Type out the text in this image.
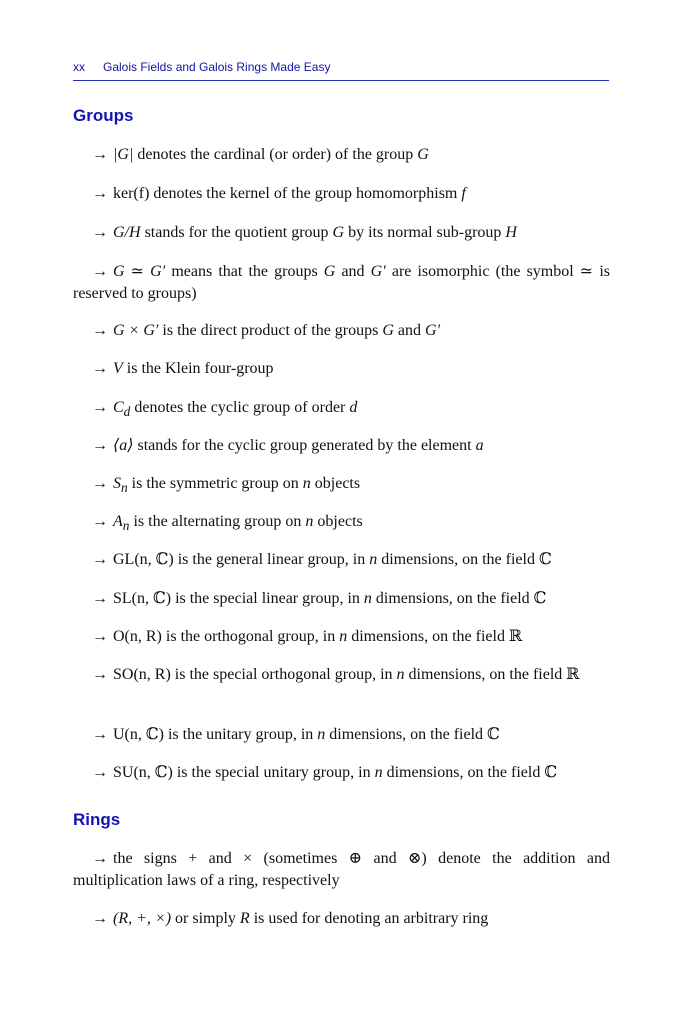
xx Galois Fields and Galois Rings Made Easy
Groups
→ |G| denotes the cardinal (or order) of the group G
→ ker(f) denotes the kernel of the group homomorphism f
→ G/H stands for the quotient group G by its normal sub-group H
→ G ≃ G′ means that the groups G and G′ are isomorphic (the symbol ≃ is reserved to groups)
→ G × G′ is the direct product of the groups G and G′
→ V is the Klein four-group
→ $C_d$ denotes the cyclic group of order d
→ ⟨a⟩ stands for the cyclic group generated by the element a
→ $S_n$ is the symmetric group on n objects
→ $A_n$ is the alternating group on n objects
→ GL(n, ℂ) is the general linear group, in n dimensions, on the field ℂ
→ SL(n, ℂ) is the special linear group, in n dimensions, on the field ℂ
→ O(n, R) is the orthogonal group, in n dimensions, on the field ℝ
→ SO(n, R) is the special orthogonal group, in n dimensions, on the field ℝ
→ U(n, ℂ) is the unitary group, in n dimensions, on the field ℂ
→ SU(n, ℂ) is the special unitary group, in n dimensions, on the field ℂ
Rings
→ the signs + and × (sometimes ⊕ and ⊗) denote the addition and multiplication laws of a ring, respectively
→ (R, +, ×) or simply R is used for denoting an arbitrary ring
